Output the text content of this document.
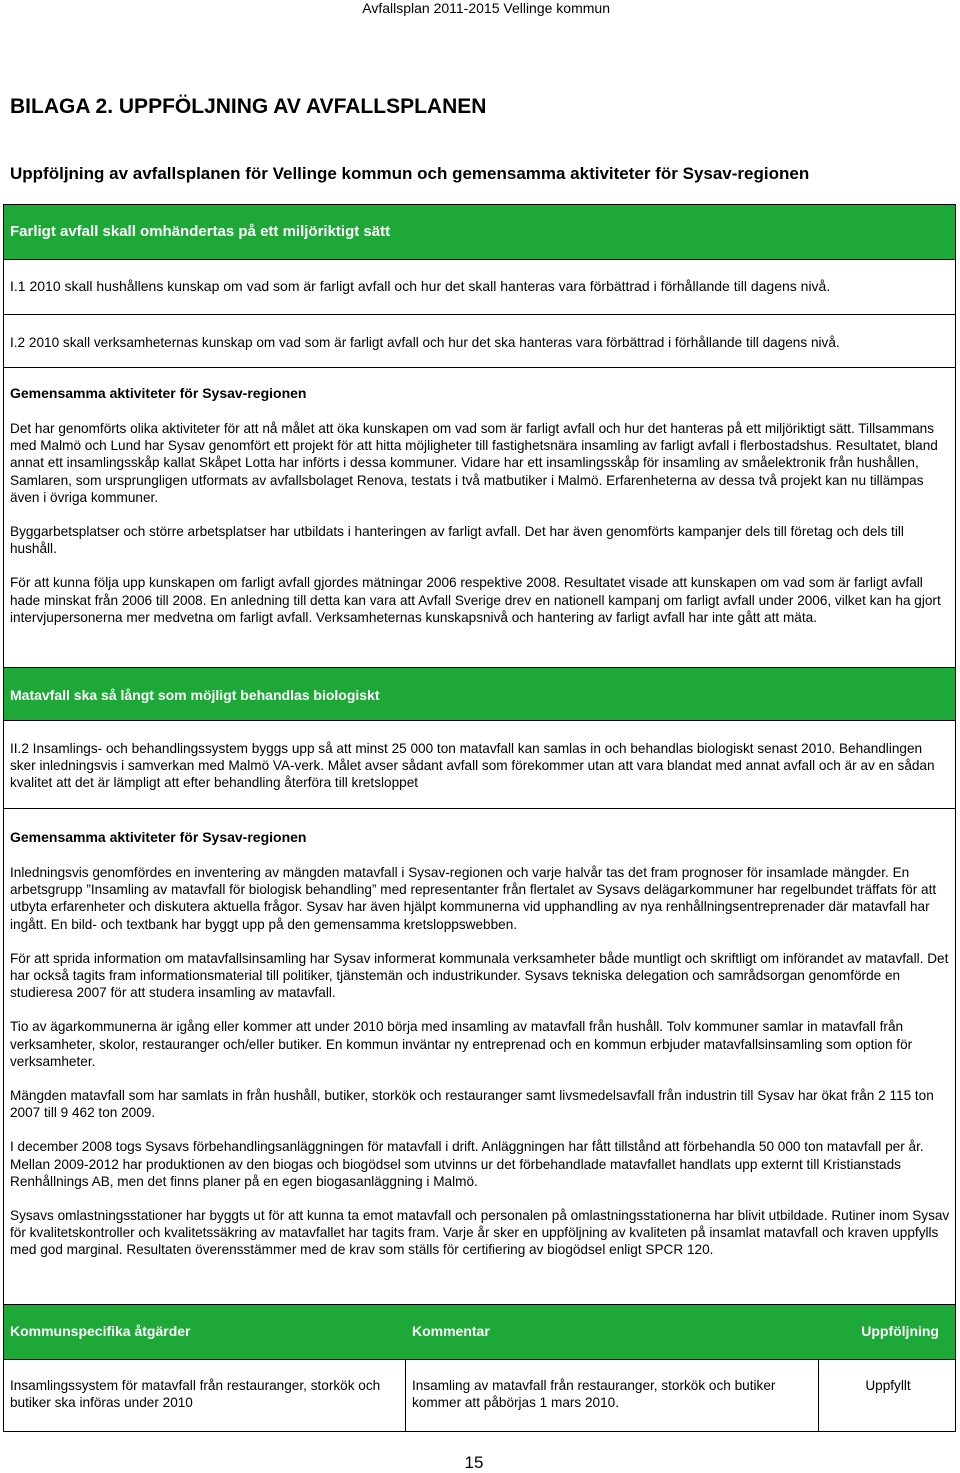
Avfallsplan 2011-2015 Vellinge kommun
BILAGA 2. UPPFÖLJNING AV AVFALLSPLANEN
Uppföljning av avfallsplanen för Vellinge kommun och gemensamma aktiviteter för Sysav-regionen
Farligt avfall skall omhändertas på ett miljöriktigt sätt
I.1 2010 skall hushållens kunskap om vad som är farligt avfall och hur det skall hanteras vara förbättrad i förhållande till dagens nivå.
I.2 2010 skall verksamheternas kunskap om vad som är farligt avfall och hur det ska hanteras vara förbättrad i förhållande till dagens nivå.
Gemensamma aktiviteter för Sysav-regionen

Det har genomförts olika aktiviteter för att nå målet att öka kunskapen om vad som är farligt avfall och hur det hanteras på ett miljöriktigt sätt. Tillsammans med Malmö och Lund har Sysav genomfört ett projekt för att hitta möjligheter till fastighetsnära insamling av farligt avfall i flerbostadshus. Resultatet, bland annat ett insamlingsskåp kallat Skåpet Lotta har införts i dessa kommuner. Vidare har ett insamlingsskåp för insamling av småelektronik från hushållen, Samlaren, som ursprungligen utformats av avfallsbolaget Renova, testats i två matbutiker i Malmö. Erfarenheterna av dessa två projekt kan nu tillämpas även i övriga kommuner.

Byggarbetsplatser och större arbetsplatser har utbildats i hanteringen av farligt avfall. Det har även genomförts kampanjer dels till företag och dels till hushåll.

För att kunna följa upp kunskapen om farligt avfall gjordes mätningar 2006 respektive 2008. Resultatet visade att kunskapen om vad som är farligt avfall hade minskat från 2006 till 2008. En anledning till detta kan vara att Avfall Sverige drev en nationell kampanj om farligt avfall under 2006, vilket kan ha gjort intervjupersonerna mer medvetna om farligt avfall. Verksamheternas kunskapsnivå och hantering av farligt avfall har inte gått att mäta.

Matavfall ska så långt som möjligt behandlas biologiskt
II.2 Insamlings- och behandlingssystem byggs upp så att minst 25 000 ton matavfall kan samlas in och behandlas biologiskt senast 2010. Behandlingen sker inledningsvis i samverkan med Malmö VA-verk. Målet avser sådant avfall som förekommer utan att vara blandat med annat avfall och är av en sådan kvalitet att det är lämpligt att efter behandling återföra till kretsloppet
Gemensamma aktiviteter för Sysav-regionen

Inledningsvis genomfördes en inventering av mängden matavfall i Sysav-regionen och varje halvår tas det fram prognoser för insamlade mängder. En arbetsgrupp ”Insamling av matavfall för biologisk behandling” med representanter från flertalet av Sysavs delägarkommuner har regelbundet träffats för att utbyta erfarenheter och diskutera aktuella frågor. Sysav har även hjälpt kommunerna vid upphandling av nya renhållningsentreprenader där matavfall har ingått. En bild- och textbank har byggt upp på den gemensamma kretsloppswebben.

För att sprida information om matavfallsinsamling har Sysav informerat kommunala verksamheter både muntligt och skriftligt om införandet av matavfall. Det har också tagits fram informationsmaterial till politiker, tjänstemän och industrikunder. Sysavs tekniska delegation och samrådsorgan genomförde en studieresa 2007 för att studera insamling av matavfall.

Tio av ägarkommunerna är igång eller kommer att under 2010 börja med insamling av matavfall från hushåll. Tolv kommuner samlar in matavfall från verksamheter, skolor, restauranger och/eller butiker. En kommun inväntar ny entreprenad och en kommun erbjuder matavfallsinsamling som option för verksamheter.

Mängden matavfall som har samlats in från hushåll, butiker, storkök och restauranger samt livsmedelsavfall från industrin till Sysav har ökat från 2 115 ton 2007 till 9 462 ton 2009.

I december 2008 togs Sysavs förbehandlingsanläggningen för matavfall i drift. Anläggningen har fått tillstånd att förbehandla 50 000 ton matavfall per år. Mellan 2009-2012 har produktionen av den biogas och biogödsel som utvinns ur det förbehandlade matavfallet handlats upp externt till Kristianstads Renhållnings AB, men det finns planer på en egen biogasanläggning i Malmö.

Sysavs omlastningsstationer har byggts ut för att kunna ta emot matavfall och personalen på omlastningsstationerna har blivit utbildade. Rutiner inom Sysav för kvalitetskontroller och kvalitetssäkring av matavfallet har tagits fram. Varje år sker en uppföljning av kvaliteten på insamlat matavfall och kraven uppfylls med god marginal. Resultaten överensstämmer med de krav som ställs för certifiering av biogödsel enligt SPCR 120.

Kommunspecifika åtgärder	Kommentar	Uppföljning
Insamlingssystem för matavfall från restauranger, storkök och butiker ska införas under 2010
Insamling av matavfall från restauranger, storkök och butiker kommer att påbörjas 1 mars 2010.
Uppfyllt
15
